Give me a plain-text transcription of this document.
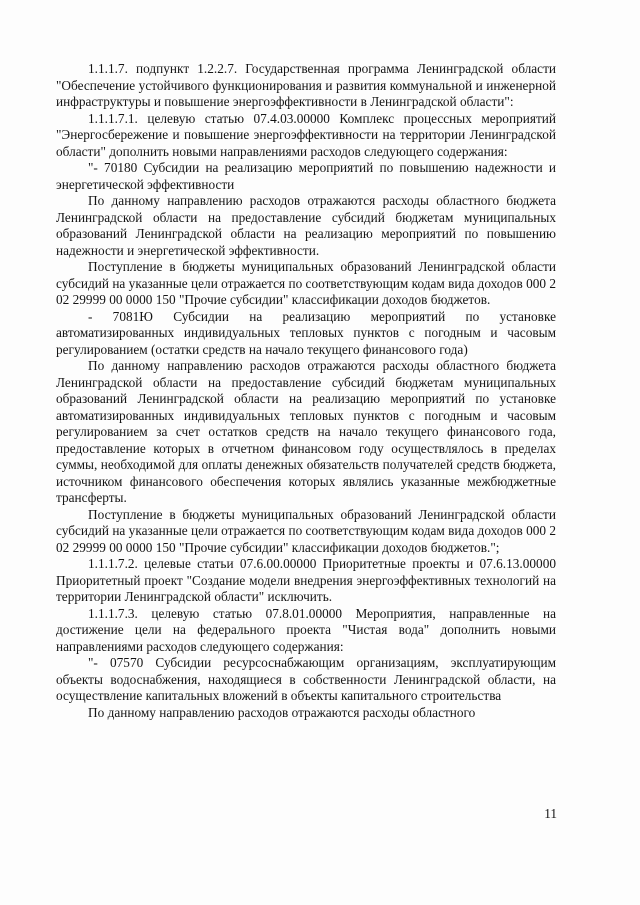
1.1.1.7. подпункт 1.2.2.7. Государственная программа Ленинградской области "Обеспечение устойчивого функционирования и развития коммунальной и инженерной инфраструктуры и повышение энергоэффективности в Ленинградской области":

1.1.1.7.1. целевую статью 07.4.03.00000 Комплекс процессных мероприятий "Энергосбережение и повышение энергоэффективности на территории Ленинградской области" дополнить новыми направлениями расходов следующего содержания:

"- 70180 Субсидии на реализацию мероприятий по повышению надежности и энергетической эффективности

По данному направлению расходов отражаются расходы областного бюджета Ленинградской области на предоставление субсидий бюджетам муниципальных образований Ленинградской области на реализацию мероприятий по повышению надежности и энергетической эффективности.

Поступление в бюджеты муниципальных образований Ленинградской области субсидий на указанные цели отражается по соответствующим кодам вида доходов 000 2 02 29999 00 0000 150 "Прочие субсидии" классификации доходов бюджетов.

- 7081Ю Субсидии на реализацию мероприятий по установке автоматизированных индивидуальных тепловых пунктов с погодным и часовым регулированием (остатки средств на начало текущего финансового года)

По данному направлению расходов отражаются расходы областного бюджета Ленинградской области на предоставление субсидий бюджетам муниципальных образований Ленинградской области на реализацию мероприятий по установке автоматизированных индивидуальных тепловых пунктов с погодным и часовым регулированием за счет остатков средств на начало текущего финансового года, предоставление которых в отчетном финансовом году осуществлялось в пределах суммы, необходимой для оплаты денежных обязательств получателей средств бюджета, источником финансового обеспечения которых являлись указанные межбюджетные трансферты.

Поступление в бюджеты муниципальных образований Ленинградской области субсидий на указанные цели отражается по соответствующим кодам вида доходов 000 2 02 29999 00 0000 150 "Прочие субсидии" классификации доходов бюджетов.";

1.1.1.7.2. целевые статьи 07.6.00.00000 Приоритетные проекты и 07.6.13.00000 Приоритетный проект "Создание модели внедрения энергоэффективных технологий на территории Ленинградской области" исключить.

1.1.1.7.3. целевую статью 07.8.01.00000 Мероприятия, направленные на достижение цели на федерального проекта "Чистая вода" дополнить новыми направлениями расходов следующего содержания:

"- 07570 Субсидии ресурсоснабжающим организациям, эксплуатирующим объекты водоснабжения, находящиеся в собственности Ленинградской области, на осуществление капитальных вложений в объекты капитального строительства

По данному направлению расходов отражаются расходы областного

11
